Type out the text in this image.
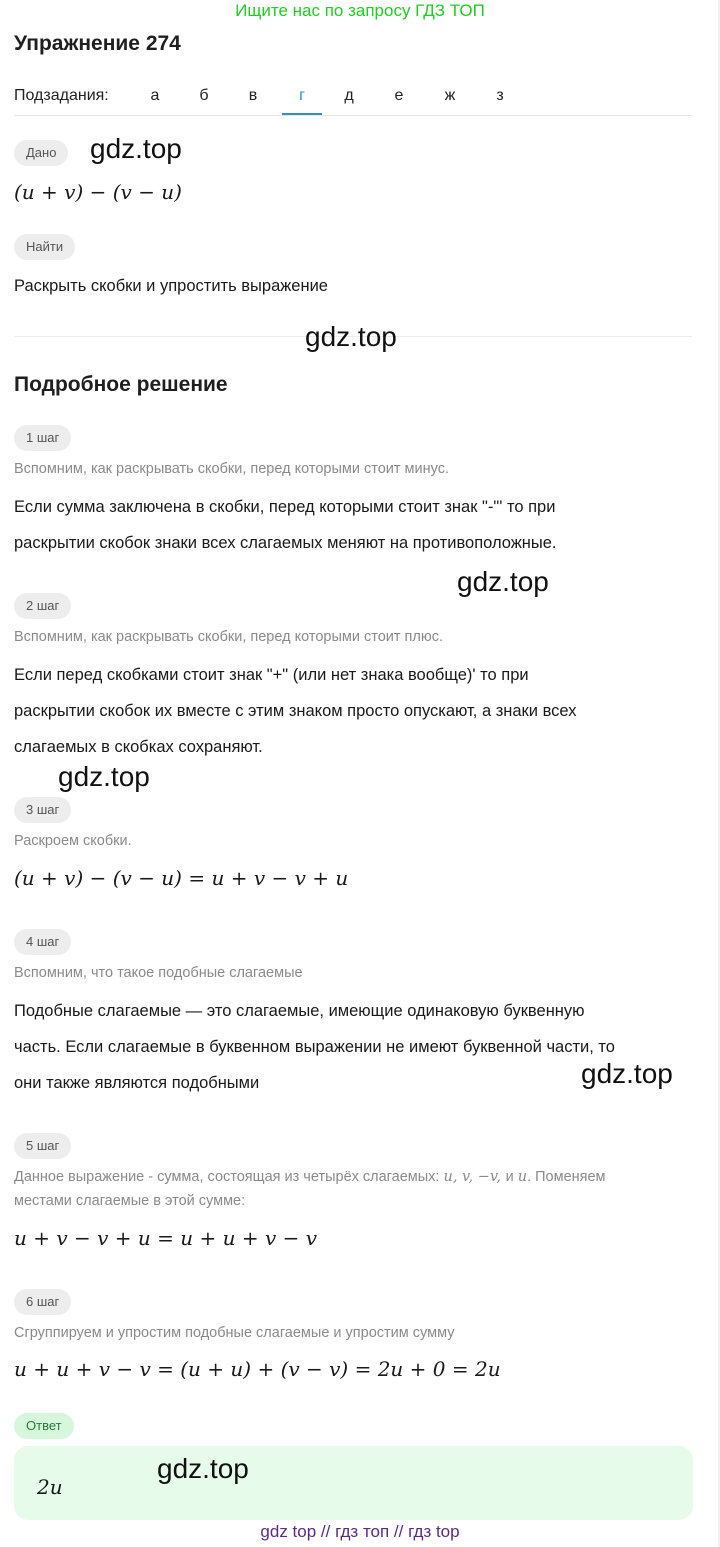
Ищите нас по запросу ГДЗ ТОП
Упражнение 274
Подзадания:	а	б	в	г	д	е	ж	з
Дано	gdz.top
(u + v) − (v − u)
Найти
Раскрыть скобки и упростить выражение
gdz.top
Подробное решение
1 шаг
Вспомним, как раскрывать скобки, перед которыми стоит минус.
Если сумма заключена в скобки, перед которыми стоит знак "-"' то при
раскрытии скобок знаки всех слагаемых меняют на противоположные.
gdz.top
2 шаг
Вспомним, как раскрывать скобки, перед которыми стоит плюс.
Если перед скобками стоит знак "+" (или нет знака вообще)' то при
раскрытии скобок их вместе с этим знаком просто опускают, а знаки всех
слагаемых в скобках сохраняют.
gdz.top
3 шаг
Раскроем скобки.
(u + v) − (v − u) = u + v − v + u
4 шаг
Вспомним, что такое подобные слагаемые
Подобные слагаемые — это слагаемые, имеющие одинаковую буквенную
часть. Если слагаемые в буквенном выражении не имеют буквенной части, то
они также являются подобными	gdz.top
5 шаг
Данное выражение - сумма, состоящая из четырёх слагаемых: u, v, −v, и u. Поменяем
местами слагаемые в этой сумме:
u + v − v + u = u + u + v − v
6 шаг
Сгруппируем и упростим подобные слагаемые и упростим сумму
u + u + v − v = (u + u) + (v − v) = 2u + 0 = 2u
Ответ
2u
gdz.top
gdz top // гдз топ // гдз top
